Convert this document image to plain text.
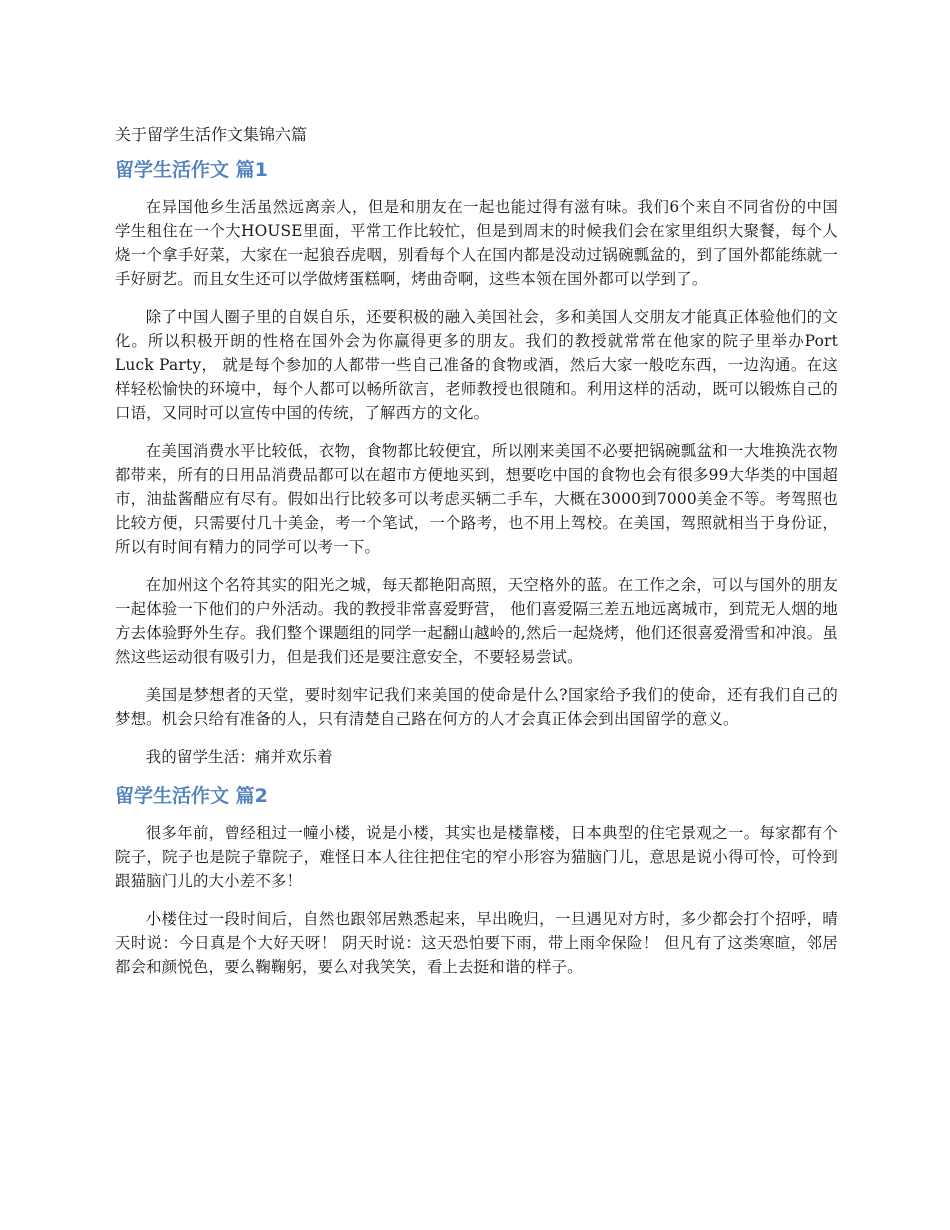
关于留学生活作文集锦六篇
留学生活作文 篇1

在异国他乡生活虽然远离亲人，但是和朋友在一起也能过得有滋有味。我们6个来自不同省份的中国学生租住在一个大HOUSE里面，平常工作比较忙，但是到周末的时候我们会在家里组织大聚餐，每个人烧一个拿手好菜，大家在一起狼吞虎咽，别看每个人在国内都是没动过锅碗瓢盆的，到了国外都能练就一手好厨艺。而且女生还可以学做烤蛋糕啊，烤曲奇啊，这些本领在国外都可以学到了。

除了中国人圈子里的自娱自乐，还要积极的融入美国社会，多和美国人交朋友才能真正体验他们的文化。所以积极开朗的性格在国外会为你赢得更多的朋友。我们的教授就常常在他家的院子里举办Port Luck Party， 就是每个参加的人都带一些自己准备的食物或酒，然后大家一般吃东西，一边沟通。在这样轻松愉快的环境中，每个人都可以畅所欲言，老师教授也很随和。利用这样的活动，既可以锻炼自己的口语，又同时可以宣传中国的传统，了解西方的文化。

在美国消费水平比较低，衣物，食物都比较便宜，所以刚来美国不必要把锅碗瓢盆和一大堆换洗衣物都带来，所有的日用品消费品都可以在超市方便地买到，想要吃中国的食物也会有很多99大华类的中国超市，油盐酱醋应有尽有。假如出行比较多可以考虑买辆二手车，大概在3000到7000美金不等。考驾照也比较方便，只需要付几十美金，考一个笔试，一个路考，也不用上驾校。在美国，驾照就相当于身份证，所以有时间有精力的同学可以考一下。

在加州这个名符其实的阳光之城，每天都艳阳高照，天空格外的蓝。在工作之余，可以与国外的朋友一起体验一下他们的户外活动。我的教授非常喜爱野营， 他们喜爱隔三差五地远离城市，到荒无人烟的地方去体验野外生存。我们整个课题组的同学一起翻山越岭的,然后一起烧烤，他们还很喜爱滑雪和冲浪。虽然这些运动很有吸引力，但是我们还是要注意安全，不要轻易尝试。

美国是梦想者的天堂，要时刻牢记我们来美国的使命是什么?国家给予我们的使命，还有我们自己的梦想。机会只给有准备的人，只有清楚自己路在何方的人才会真正体会到出国留学的意义。

我的留学生活：痛并欢乐着

留学生活作文 篇2

很多年前，曾经租过一幢小楼，说是小楼，其实也是楼靠楼，日本典型的住宅景观之一。每家都有个院子，院子也是院子靠院子，难怪日本人往往把住宅的窄小形容为猫脑门儿，意思是说小得可怜，可怜到跟猫脑门儿的大小差不多！

小楼住过一段时间后，自然也跟邻居熟悉起来，早出晚归，一旦遇见对方时，多少都会打个招呼，晴天时说：今日真是个大好天呀！ 阴天时说：这天恐怕要下雨，带上雨伞保险！ 但凡有了这类寒暄，邻居都会和颜悦色，要么鞠鞠躬，要么对我笑笑，看上去挺和谐的样子。
